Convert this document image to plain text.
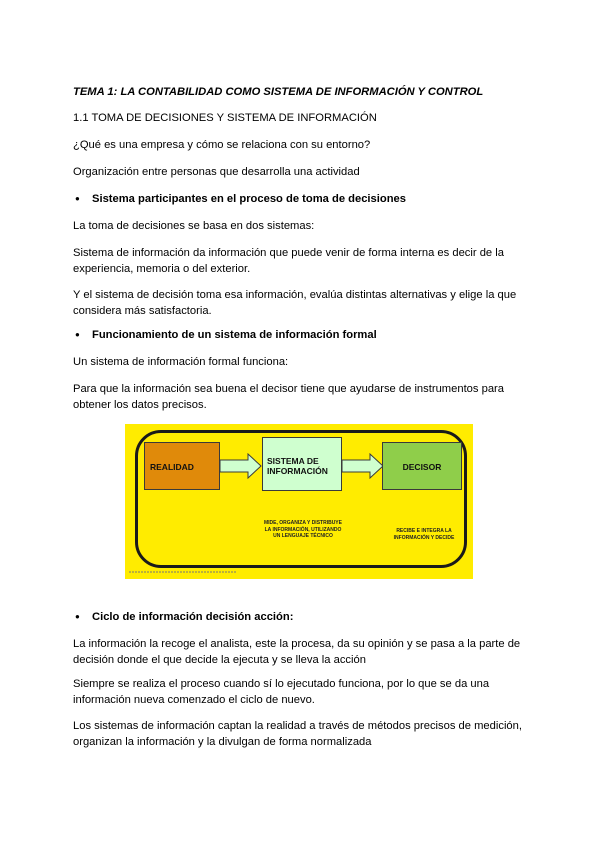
TEMA 1: LA CONTABILIDAD COMO SISTEMA DE INFORMACIÓN Y CONTROL
1.1 TOMA DE DECISIONES Y SISTEMA DE INFORMACIÓN
¿Qué es una empresa y cómo se relaciona con su entorno?
Organización entre personas que desarrolla una actividad
● Sistema participantes en el proceso de toma de decisiones
La toma de decisiones se basa en dos sistemas:
Sistema de información da información que puede venir de forma interna es decir de la experiencia, memoria o del exterior.
Y el sistema de decisión toma esa información, evalúa distintas alternativas y elige la que considera más satisfactoria.
● Funcionamiento de un sistema de información formal
Un sistema de información formal funciona:
Para que la información sea buena el decisor tiene que ayudarse de instrumentos para obtener los datos precisos.
REALIDAD
SISTEMA DE
INFORMACIÓN	DECISOR
MIDE, ORGANIZA Y DISTRIBUYE LA INFORMACIÓN, UTILIZANDO UN LENGUAJE TÉCNICO
RECIBE E INTEGRA LA INFORMACIÓN Y DECIDE
● Ciclo de información decisión acción:
La información la recoge el analista, este la procesa, da su opinión y se pasa a la parte de decisión donde el que decide la ejecuta y se lleva la acción
Siempre se realiza el proceso cuando sí lo ejecutado funciona, por lo que se da una información nueva comenzado el ciclo de nuevo.
Los sistemas de información captan la realidad a través de métodos precisos de medición, organizan la información y la divulgan de forma normalizada
